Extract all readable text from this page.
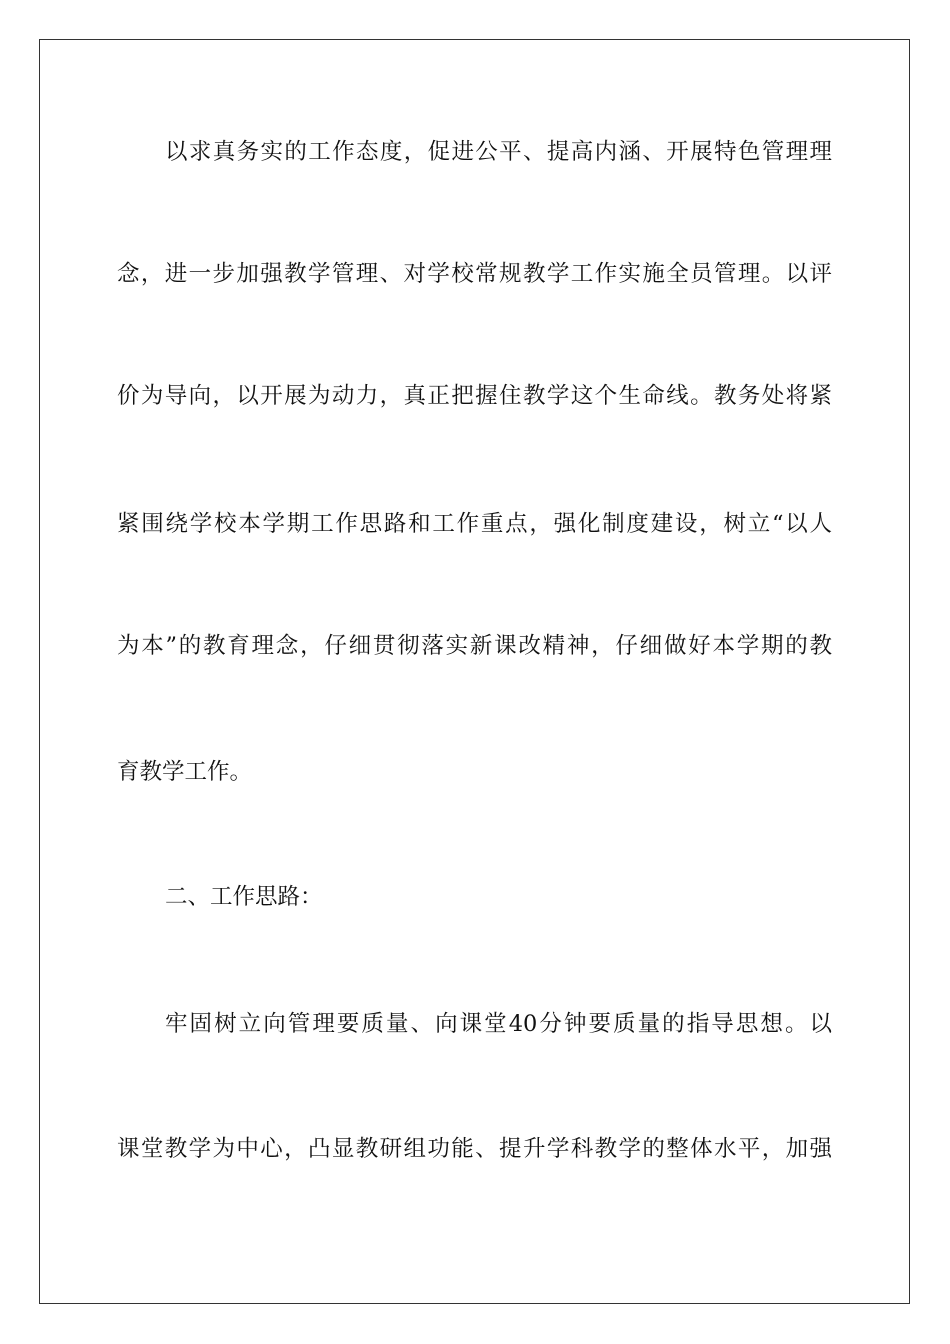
以求真务实的工作态度，促进公平、提高内涵、开展特色管理理
念，进一步加强教学管理、对学校常规教学工作实施全员管理。以评
价为导向，以开展为动力，真正把握住教学这个生命线。教务处将紧
紧围绕学校本学期工作思路和工作重点，强化制度建设，树立“以人
为本”的教育理念，仔细贯彻落实新课改精神，仔细做好本学期的教
育教学工作。
二、工作思路：
牢固树立向管理要质量、向课堂40分钟要质量的指导思想。以
课堂教学为中心，凸显教研组功能、提升学科教学的整体水平，加强
